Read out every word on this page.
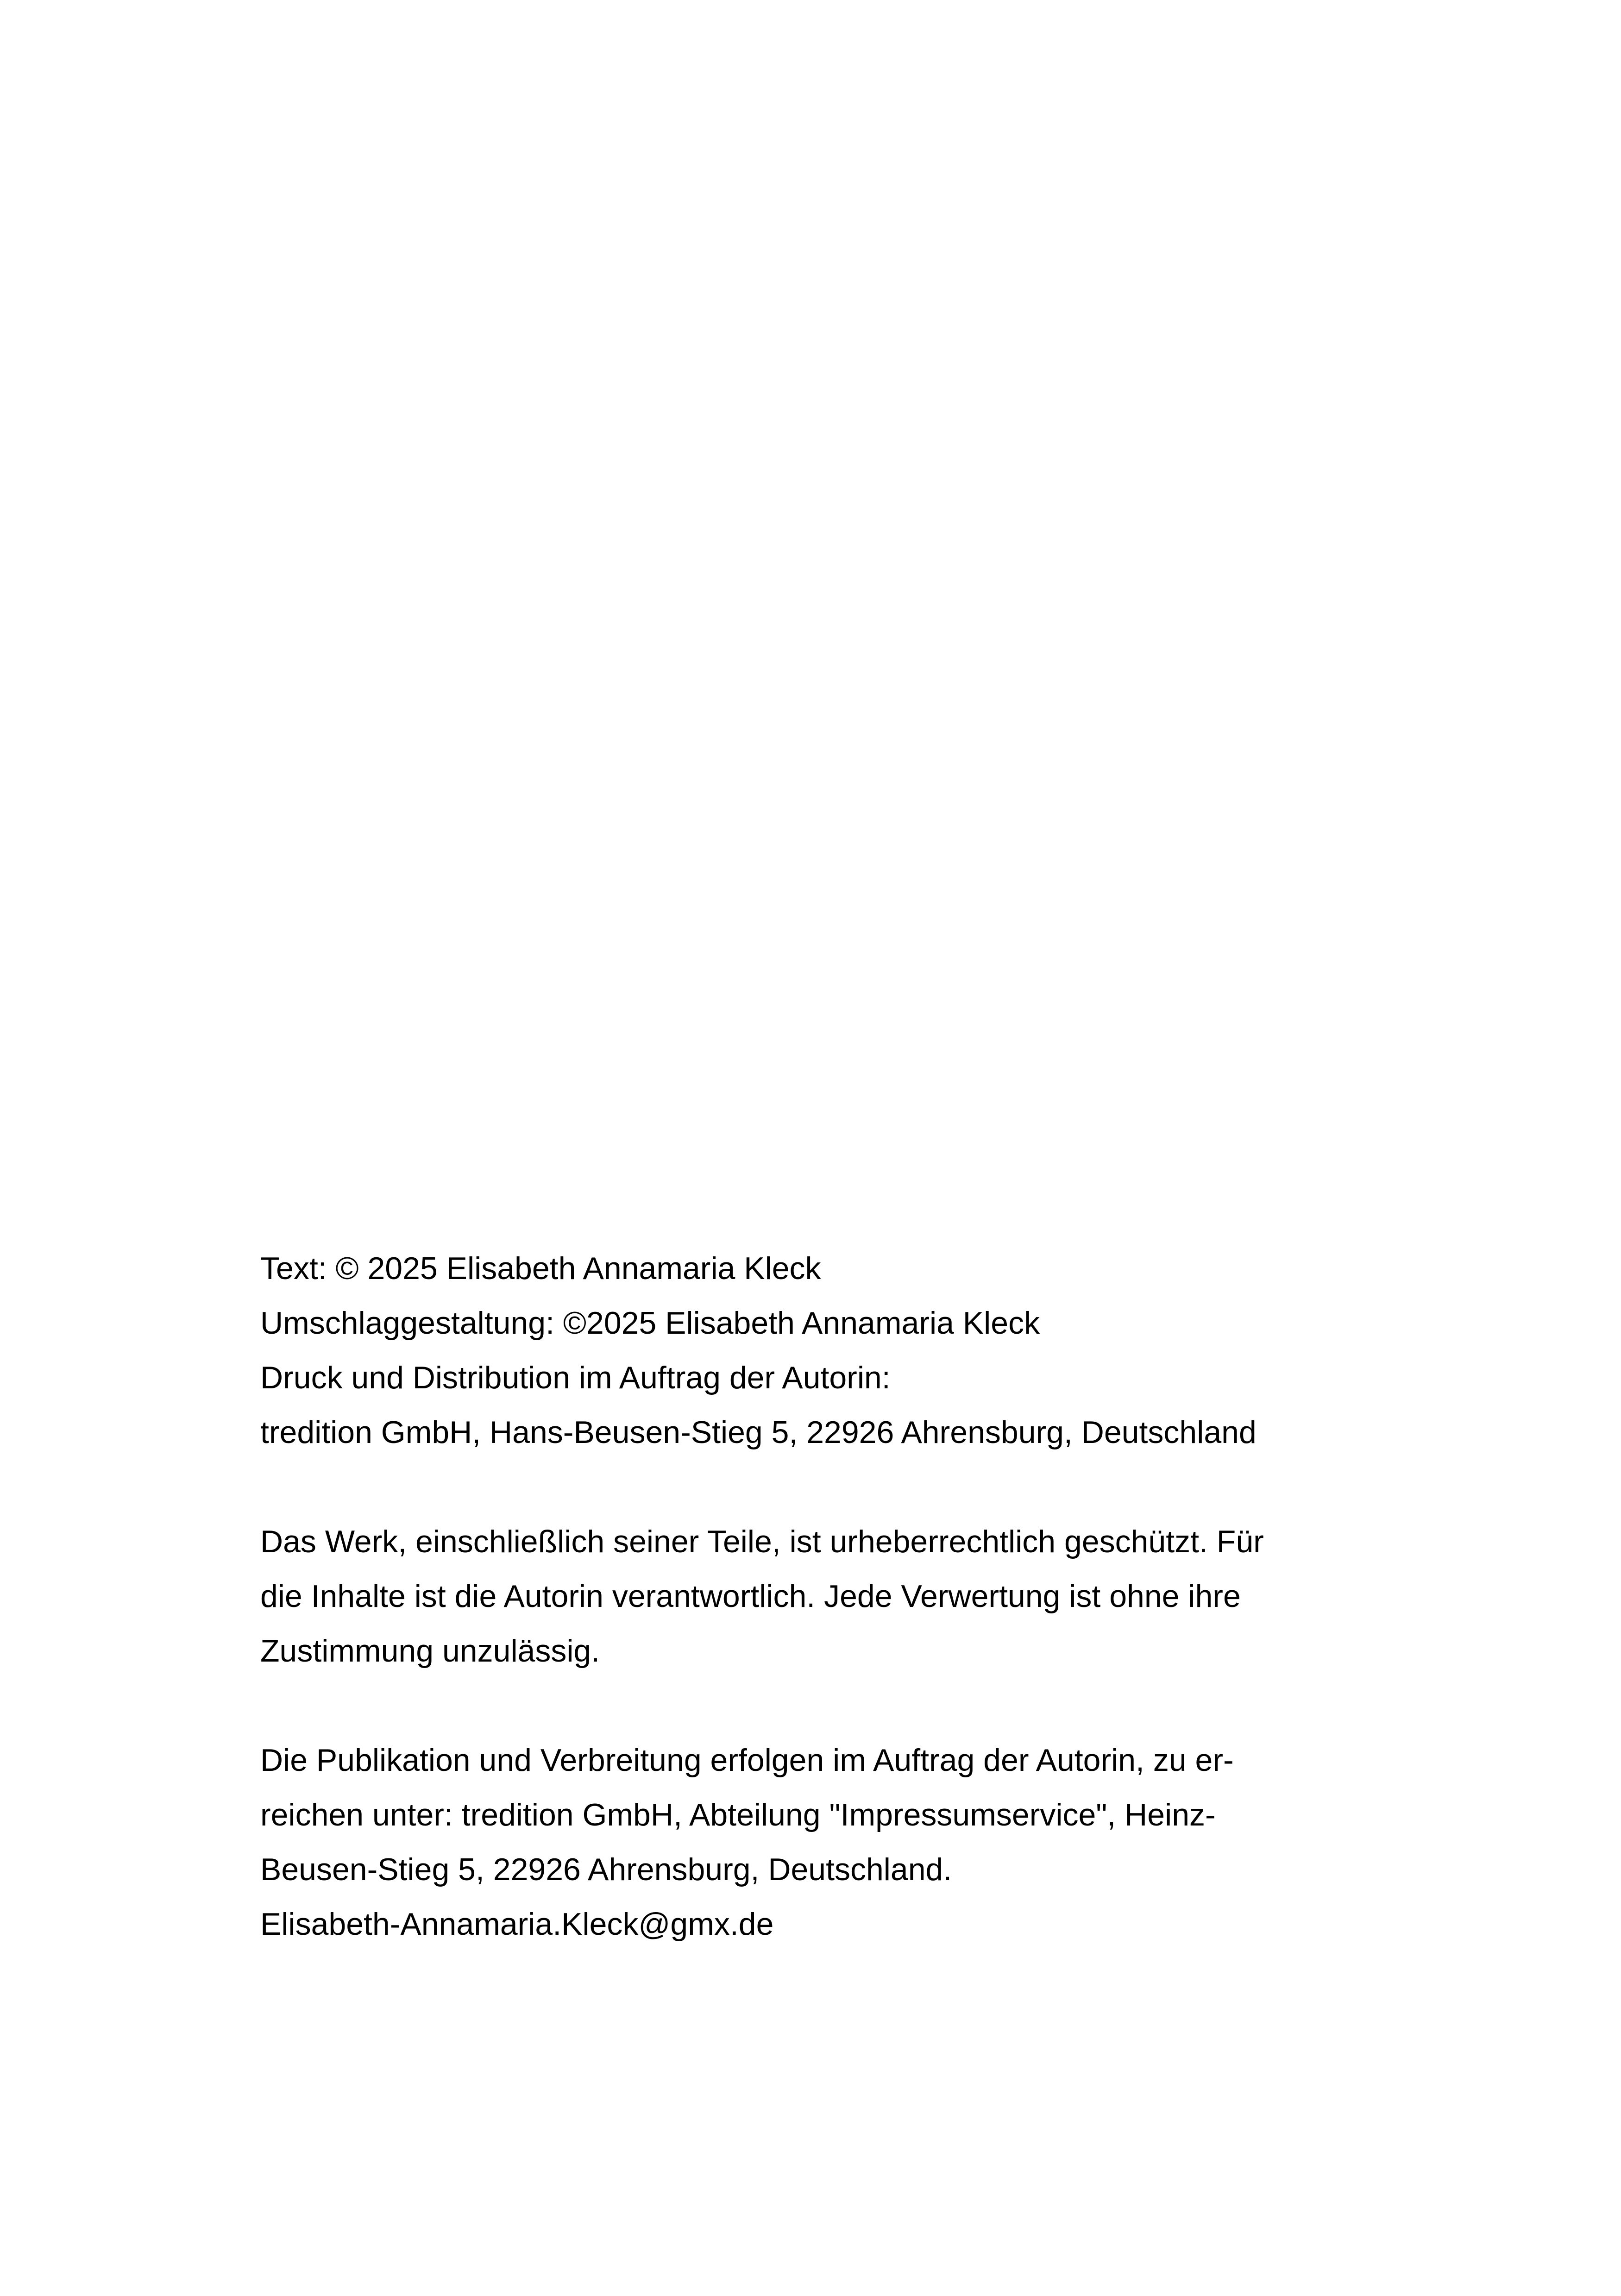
Text: © 2025 Elisabeth Annamaria Kleck
Umschlaggestaltung: ©2025 Elisabeth Annamaria Kleck
Druck und Distribution im Auftrag der Autorin:
tredition GmbH, Hans-Beusen-Stieg 5, 22926 Ahrensburg, Deutschland

Das Werk, einschließlich seiner Teile, ist urheberrechtlich geschützt. Für
die Inhalte ist die Autorin verantwortlich. Jede Verwertung ist ohne ihre
Zustimmung unzulässig.

Die Publikation und Verbreitung erfolgen im Auftrag der Autorin, zu er-
reichen unter: tredition GmbH, Abteilung "Impressumservice", Heinz-
Beusen-Stieg 5, 22926 Ahrensburg, Deutschland.
Elisabeth-Annamaria.Kleck@gmx.de
